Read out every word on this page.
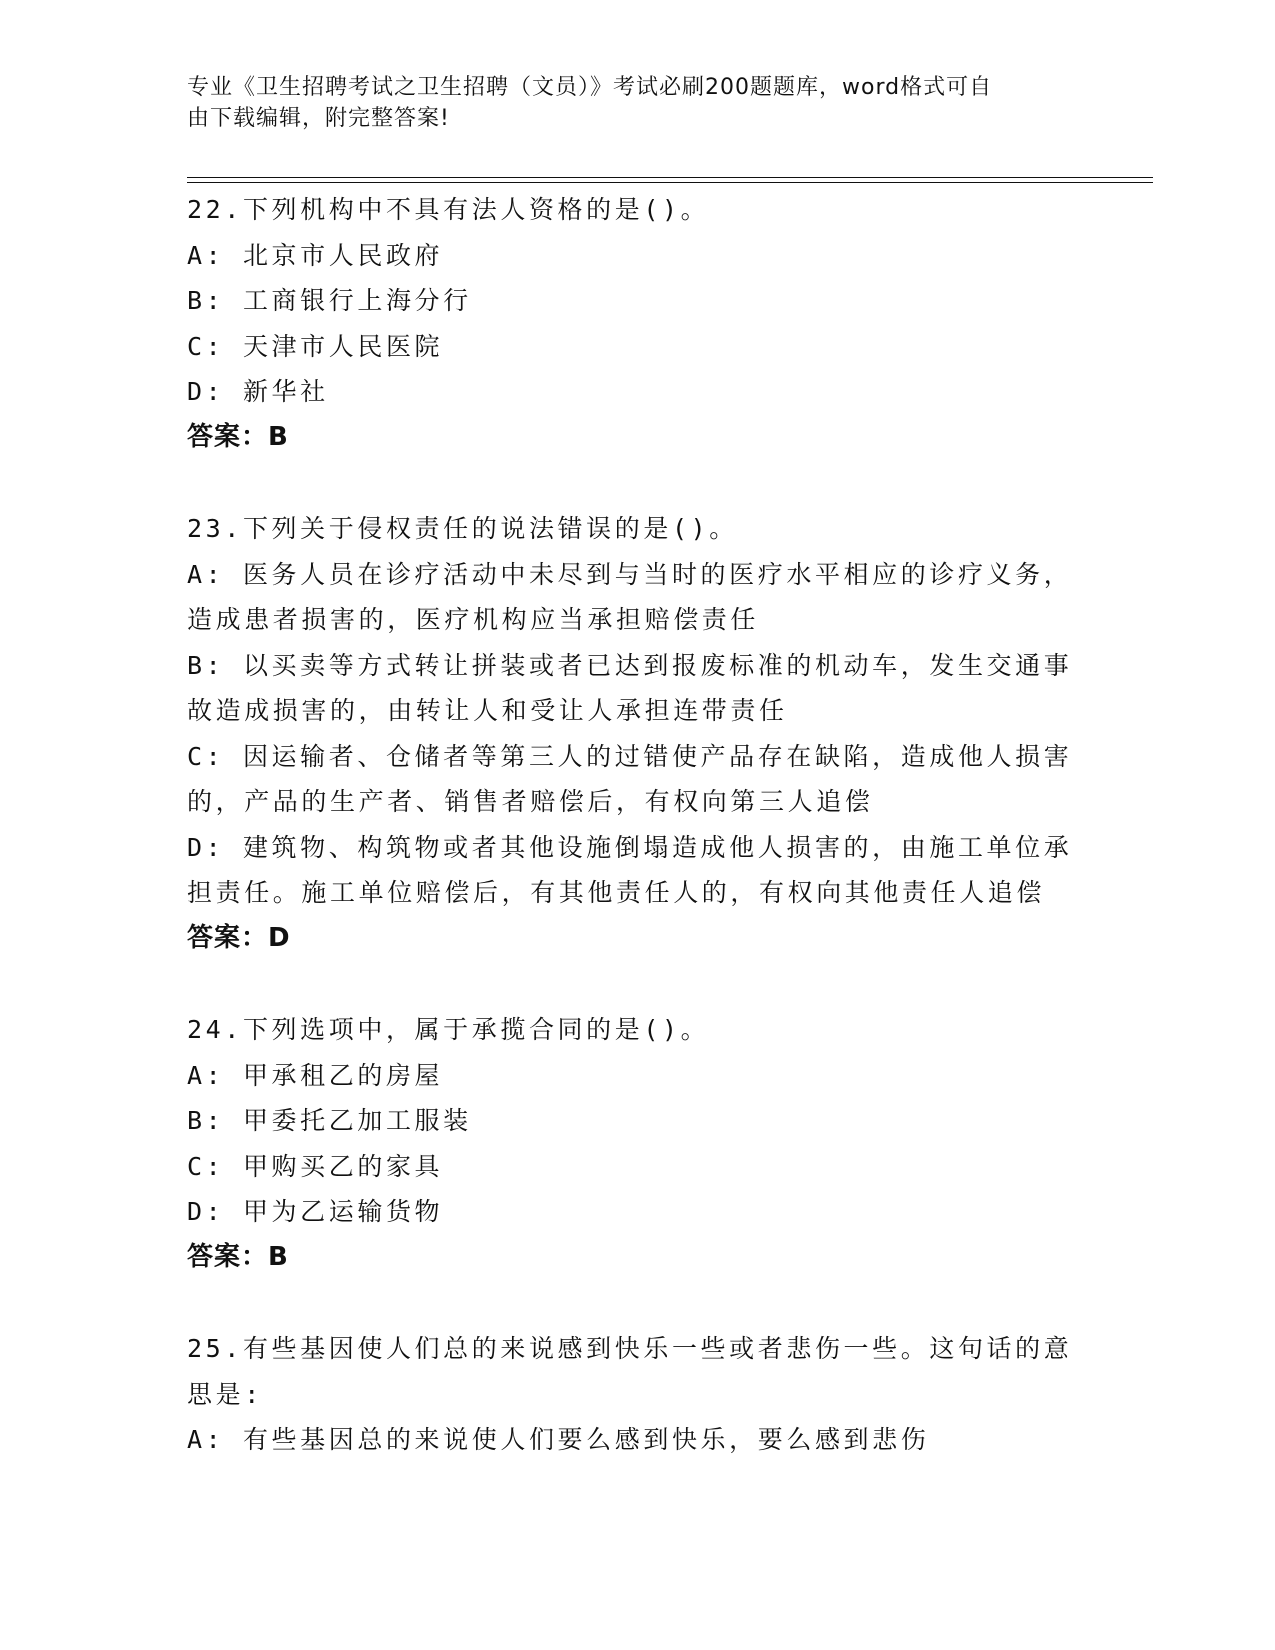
专业《卫生招聘考试之卫生招聘（文员）》考试必刷200题题库，word格式可自
由下载编辑，附完整答案!
22.下列机构中不具有法人资格的是()。
A: 北京市人民政府
B: 工商银行上海分行
C: 天津市人民医院
D: 新华社
答案：B
23.下列关于侵权责任的说法错误的是()。
A: 医务人员在诊疗活动中未尽到与当时的医疗水平相应的诊疗义务，
造成患者损害的，医疗机构应当承担赔偿责任
B: 以买卖等方式转让拼装或者已达到报废标准的机动车，发生交通事
故造成损害的，由转让人和受让人承担连带责任
C: 因运输者、仓储者等第三人的过错使产品存在缺陷，造成他人损害
的，产品的生产者、销售者赔偿后，有权向第三人追偿
D: 建筑物、构筑物或者其他设施倒塌造成他人损害的，由施工单位承
担责任。施工单位赔偿后，有其他责任人的，有权向其他责任人追偿
答案：D
24.下列选项中，属于承揽合同的是()。
A: 甲承租乙的房屋
B: 甲委托乙加工服装
C: 甲购买乙的家具
D: 甲为乙运输货物
答案：B
25.有些基因使人们总的来说感到快乐一些或者悲伤一些。这句话的意
思是:
A: 有些基因总的来说使人们要么感到快乐，要么感到悲伤
